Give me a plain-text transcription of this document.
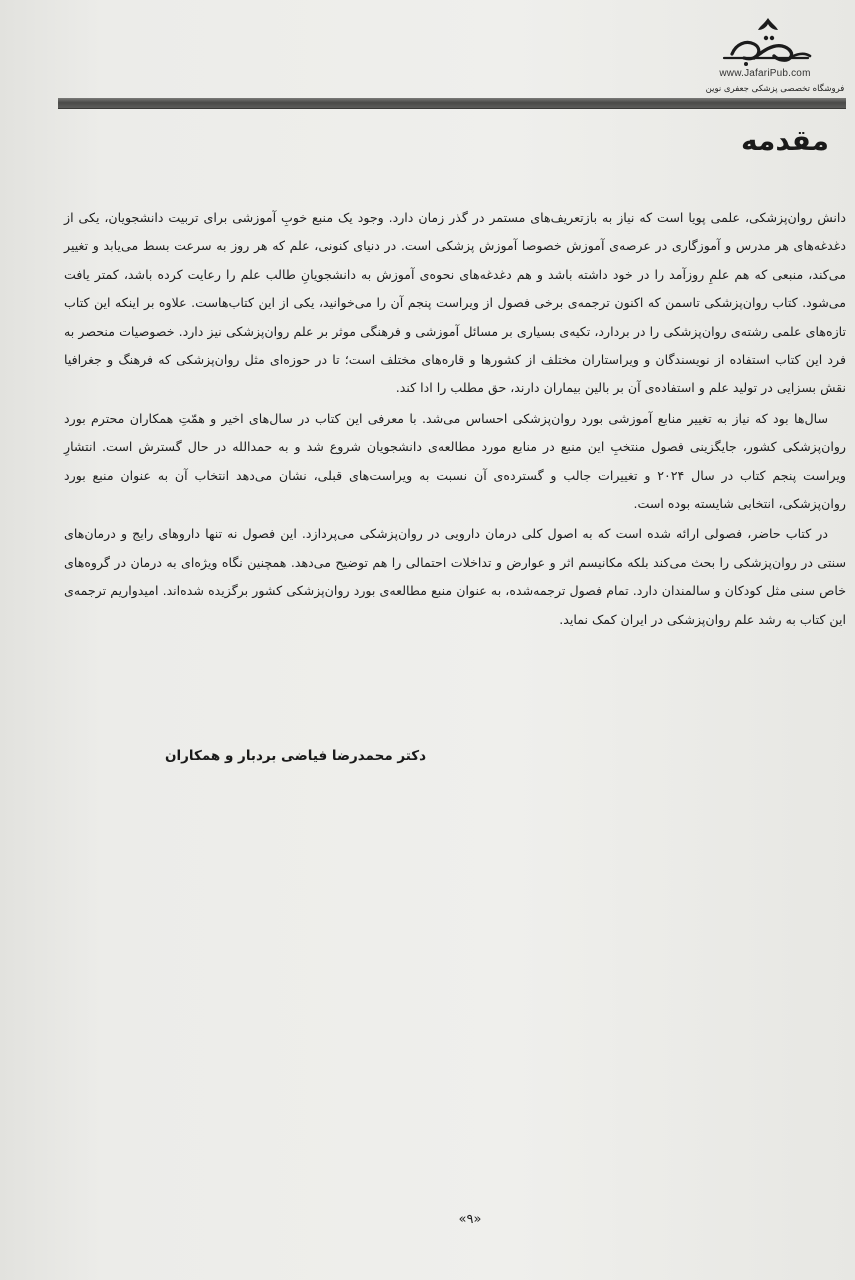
www.JafariPub.com
فروشگاه تخصصی پزشکی جعفری نوین
مقدمه

دانش روان‌پزشکی، علمی پویا است که نیاز به بازتعریف‌های مستمر در گذر زمان دارد. وجود یک منبع خوبِ آموزشی برای تربیت دانشجویان، یکی از دغدغه‌های هر مدرس و آموزگاری در عرصه‌ی آموزش خصوصا آموزش پزشکی است. در دنیای کنونی، علم که هر روز به سرعت بسط می‌یابد و تغییر می‌کند، منبعی که هم علمِ روزآمد را در خود داشته باشد و هم دغدغه‌های نحوه‌ی آموزش به دانشجویانِ طالب علم را رعایت کرده باشد، کمتر یافت می‌شود. کتاب روان‌پزشکی تاسمن که اکنون ترجمه‌ی برخی فصول از ویراست پنجم آن را می‌خوانید، یکی از این کتاب‌هاست. علاوه بر اینکه این کتاب تازه‌های علمی رشته‌ی روان‌پزشکی را در بردارد، تکیه‌ی بسیاری بر مسائل آموزشی و فرهنگی موثر بر علم روان‌پزشکی نیز دارد. خصوصیات منحصر به فرد این کتاب استفاده از نویسندگان و ویراستاران مختلف از کشورها و قاره‌های مختلف است؛ تا در حوزه‌ای مثل روان‌پزشکی که فرهنگ و جغرافیا نقش بسزایی در تولید علم و استفاده‌ی آن بر بالین بیماران دارند، حق مطلب را ادا کند.

سال‌ها بود که نیاز به تغییر منابع آموزشی بورد روان‌پزشکی احساس می‌شد. با معرفی این کتاب در سال‌های اخیر و همّتِ همکاران محترم بورد روان‌پزشکی کشور، جایگزینی فصول منتخبِ این منبع در منابع مورد مطالعه‌ی دانشجویان شروع شد و به حمدالله در حال گسترش است. انتشارِ ویراست پنجم کتاب در سال ۲۰۲۴ و تغییرات جالب و گسترده‌ی آن نسبت به ویراست‌های قبلی، نشان می‌دهد انتخاب آن به عنوان منبع بورد روان‌پزشکی، انتخابی شایسته بوده است.

در کتاب حاضر، فصولی ارائه شده است که به اصول کلی درمان دارویی در روان‌پزشکی می‌پردازد. این فصول نه تنها داروهای رایج و درمان‌های سنتی در روان‌پزشکی را بحث می‌کند بلکه مکانیسم اثر و عوارض و تداخلات احتمالی را هم توضیح می‌دهد. همچنین نگاه ویژه‌ای به درمان در گروه‌های خاص سنی مثل کودکان و سالمندان دارد. تمام فصول ترجمه‌شده، به عنوان منبع مطالعه‌ی بورد روان‌پزشکی کشور برگزیده شده‌اند. امیدواریم ترجمه‌ی این کتاب به رشد علم روان‌پزشکی در ایران کمک نماید.

دکتر محمدرضا فیاضی بردبار و همکاران

«۹»
